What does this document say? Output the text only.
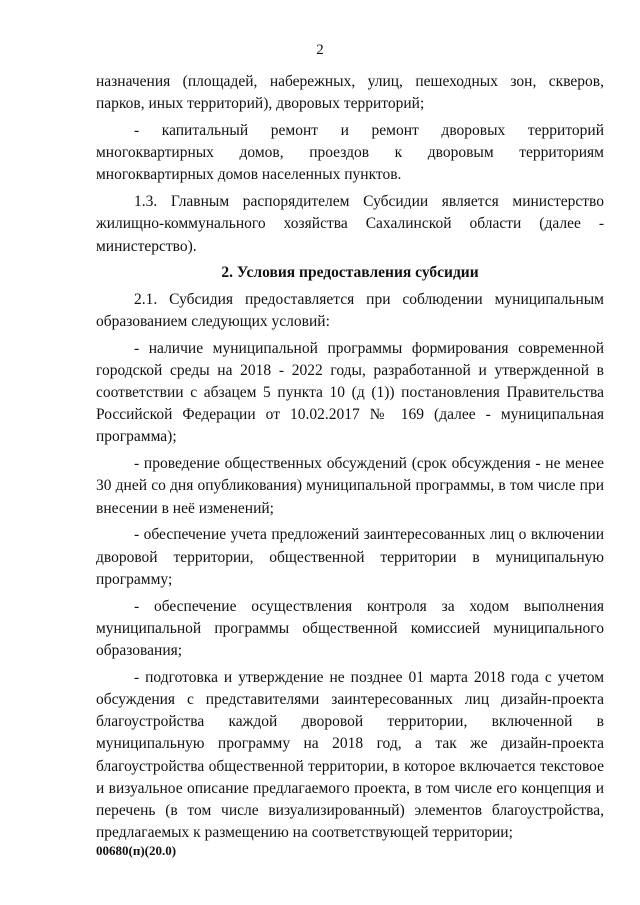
2

назначения (площадей, набережных, улиц, пешеходных зон, скверов, парков, иных территорий), дворовых территорий;

- капитальный ремонт и ремонт дворовых территорий многоквартирных домов, проездов к дворовым территориям многоквартирных домов населенных пунктов.

1.3. Главным распорядителем Субсидии является министерство жилищно-коммунального хозяйства Сахалинской области (далее - министерство).

2. Условия предоставления субсидии

2.1. Субсидия предоставляется при соблюдении муниципальным образованием следующих условий:

- наличие муниципальной программы формирования современной городской среды на 2018 - 2022 годы, разработанной и утвержденной в соответствии с абзацем 5 пункта 10 (д (1)) постановления Правительства Российской Федерации от 10.02.2017 № 169 (далее - муниципальная программа);

- проведение общественных обсуждений (срок обсуждения - не менее 30 дней со дня опубликования) муниципальной программы, в том числе при внесении в неё изменений;

- обеспечение учета предложений заинтересованных лиц о включении дворовой территории, общественной территории в муниципальную программу;

- обеспечение осуществления контроля за ходом выполнения муниципальной программы общественной комиссией муниципального образования;

- подготовка и утверждение не позднее 01 марта 2018 года с учетом обсуждения с представителями заинтересованных лиц дизайн-проекта благоустройства каждой дворовой территории, включенной в муниципальную программу на 2018 год, а так же дизайн-проекта благоустройства общественной территории, в которое включается текстовое и визуальное описание предлагаемого проекта, в том числе его концепция и перечень (в том числе визуализированный) элементов благоустройства, предлагаемых к размещению на соответствующей территории;

00680(п)(20.0)
